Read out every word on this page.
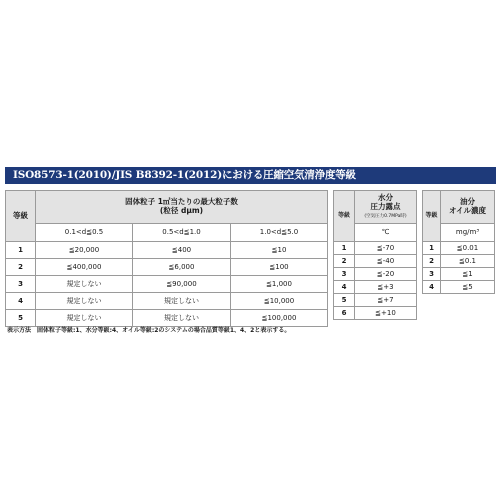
ISO8573-1(2010)/JIS B8392-1(2012)における圧縮空気清浄度等級
等級	固体粒子 1㎥当たりの最大粒子数
(粒径 dμm)		
	0.1<d≦0.5	0.5<d≦1.0	1.0<d≦5.0
1	≦20,000	≦400	≦10
2	≦400,000	≦6,000	≦100
3	規定しない	≦90,000	≦1,000
4	規定しない	規定しない	≦10,000
5	規定しない	規定しない	≦100,000
等級	水分
圧力露点
(空気圧力0.7MPa時)
	℃
1	≦-70
2	≦-40
3	≦-20
4	≦+3
5	≦+7
6	≦+10
等級	油分
オイル濃度
	mg/m³
1	≦0.01
2	≦0.1
3	≦1
4	≦5
表示方法　固体粒子等級:1、水分等級:4、オイル等級:2のシステムの場合品質等級1、4、2と表示する。
